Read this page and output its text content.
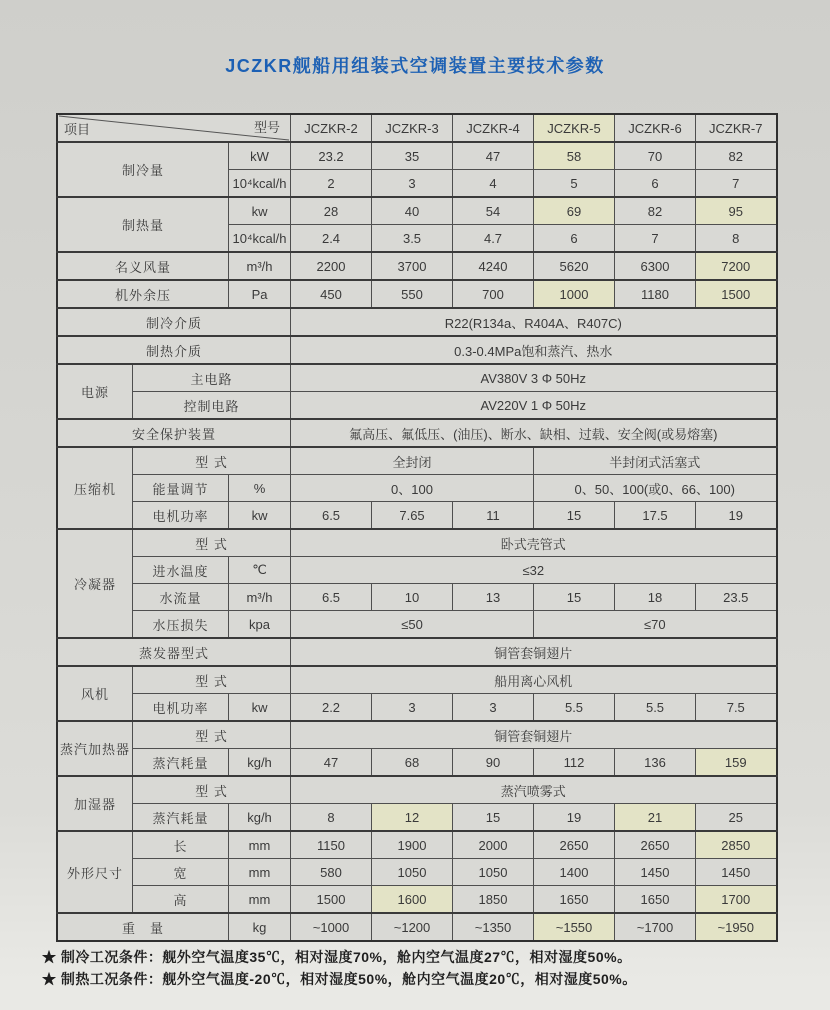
JCZKR舰船用组装式空调装置主要技术参数
项目 型号			JCZKR-2	JCZKR-3	JCZKR-4	JCZKR-5	JCZKR-6	JCZKR-7
制冷量		kW	23.2	35	47	58	70	82
		10⁴kcal/h	2	3	4	5	6	7
制热量		kw	28	40	54	69	82	95
		10⁴kcal/h	2.4	3.5	4.7	6	7	8
名义风量		m³/h	2200	3700	4240	5620	6300	7200
机外余压		Pa	450	550	700	1000	1180	1500
制冷介质			R22(R134a、R404A、R407C)					
制热介质			0.3-0.4MPa饱和蒸汽、热水					
电源	主电路		AV380V 3 Φ 50Hz					
	控制电路		AV220V 1 Φ 50Hz					
安全保护装置			氟高压、氟低压、(油压)、断水、缺相、过载、安全阀(或易熔塞)					
压缩机	型 式		全封闭			半封闭式活塞式		
	能量调节	%	0、100			0、50、100(或0、66、100)		
	电机功率	kw	6.5	7.65	11	15	17.5	19
冷凝器	型 式		卧式壳管式					
	进水温度	℃	≤32					
	水流量	m³/h	6.5	10	13	15	18	23.5
	水压损失	kpa	≤50			≤70		
蒸发器型式			铜管套铜翅片					
风机	型 式		船用离心风机					
	电机功率	kw	2.2	3	3	5.5	5.5	7.5
蒸汽加热器	型 式		铜管套铜翅片					
	蒸汽耗量	kg/h	47	68	90	112	136	159
加湿器	型 式		蒸汽喷雾式					
	蒸汽耗量	kg/h	8	12	15	19	21	25
外形尺寸	长	mm	1150	1900	2000	2650	2650	2850
	宽	mm	580	1050	1050	1400	1450	1450
	高	mm	1500	1600	1850	1650	1650	1700
重　量		kg	~1000	~1200	~1350	~1550	~1700	~1950
★ 制冷工况条件：舰外空气温度35℃，相对湿度70%，舱内空气温度27℃，相对湿度50%。
★ 制热工况条件：舰外空气温度-20℃，相对湿度50%，舱内空气温度20℃，相对湿度50%。
